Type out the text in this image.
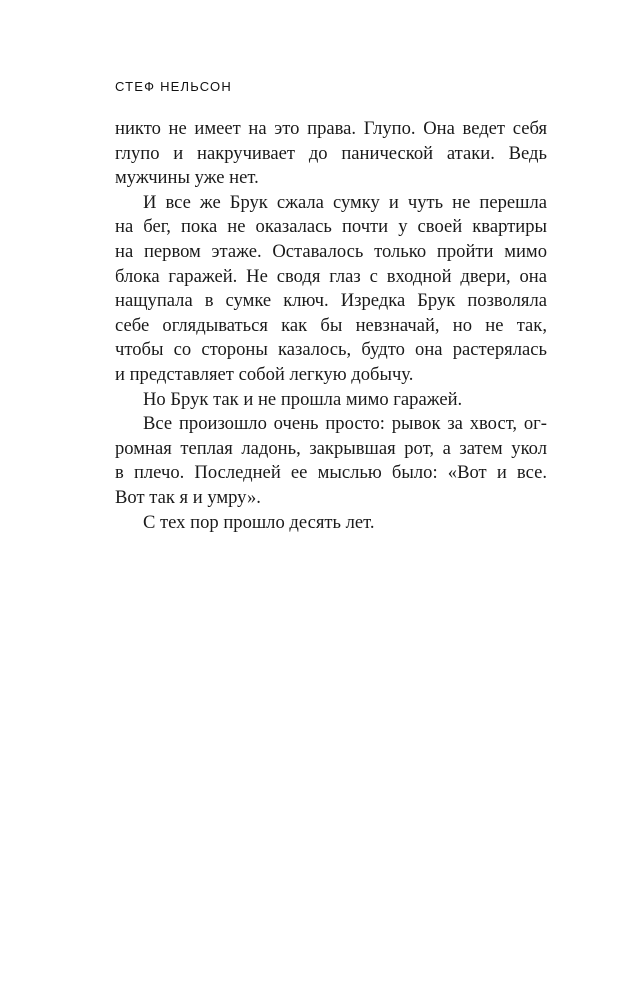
СТЕФ НЕЛЬСОН
никто не имеет на это права. Глупо. Она ведет себя
глупо и накручивает до панической атаки. Ведь
мужчины уже нет.
И все же Брук сжала сумку и чуть не перешла
на бег, пока не оказалась почти у своей квартиры
на первом этаже. Оставалось только пройти мимо
блока гаражей. Не сводя глаз с входной двери, она
нащупала в сумке ключ. Изредка Брук позволяла
себе оглядываться как бы невзначай, но не так,
чтобы со стороны казалось, будто она растерялась
и представляет собой легкую добычу.
Но Брук так и не прошла мимо гаражей.
Все произошло очень просто: рывок за хвост, ог-
ромная теплая ладонь, закрывшая рот, а затем укол
в плечо. Последней ее мыслью было: «Вот и все.
Вот так я и умру».
С тех пор прошло десять лет.
